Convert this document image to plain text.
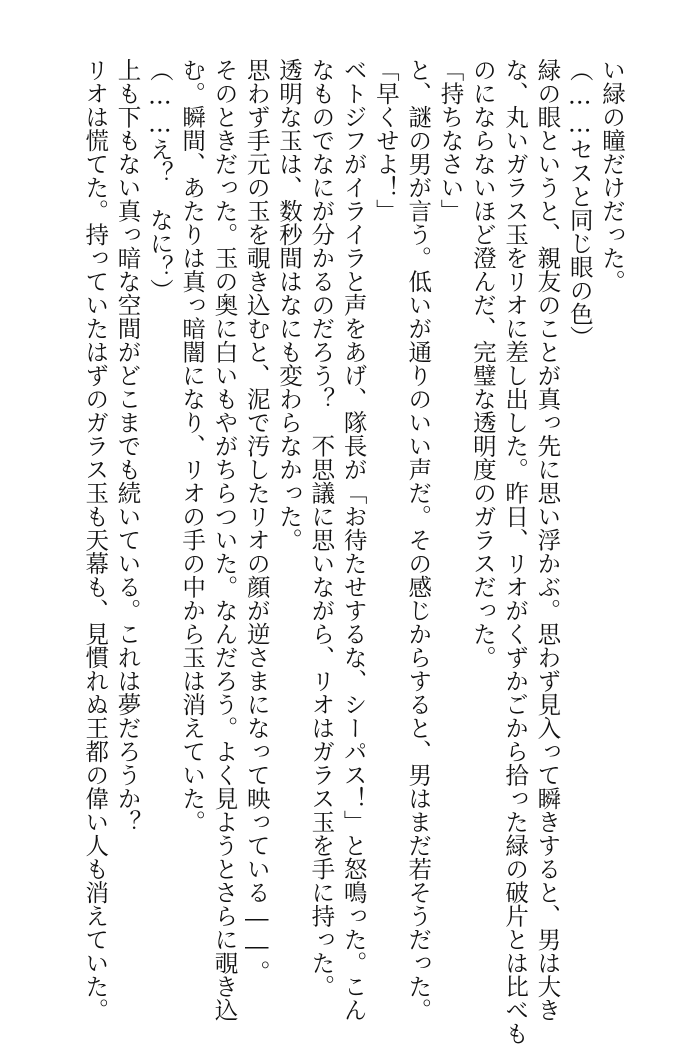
い緑の瞳だけだった。
（……セスと同じ眼の色）
緑の眼というと、親友のことが真っ先に思い浮かぶ。思わず見入って瞬きすると、男は大き
な、丸いガラス玉をリオに差し出した。昨日、リオがくずかごから拾った緑の破片とは比べも
のにならないほど澄んだ、完璧な透明度のガラスだった。
「持ちなさい」
と、謎の男が言う。低いが通りのいい声だ。その感じからすると、男はまだ若そうだった。
「早くせよ！」
ベトジフがイライラと声をあげ、隊長が「お待たせするな、シーパス！」と怒鳴った。こん
なものでなにが分かるのだろう？　不思議に思いながら、リオはガラス玉を手に持った。
透明な玉は、数秒間はなにも変わらなかった。
思わず手元の玉を覗き込むと、泥で汚したリオの顔が逆さまになって映っている――。
そのときだった。玉の奥に白いもやがちらついた。なんだろう。よく見ようとさらに覗き込
む。瞬間、あたりは真っ暗闇になり、リオの手の中から玉は消えていた。
（……え？　なに？）
上も下もない真っ暗な空間がどこまでも続いている。これは夢だろうか？
リオは慌てた。持っていたはずのガラス玉も天幕も、見慣れぬ王都の偉い人も消えていた。
